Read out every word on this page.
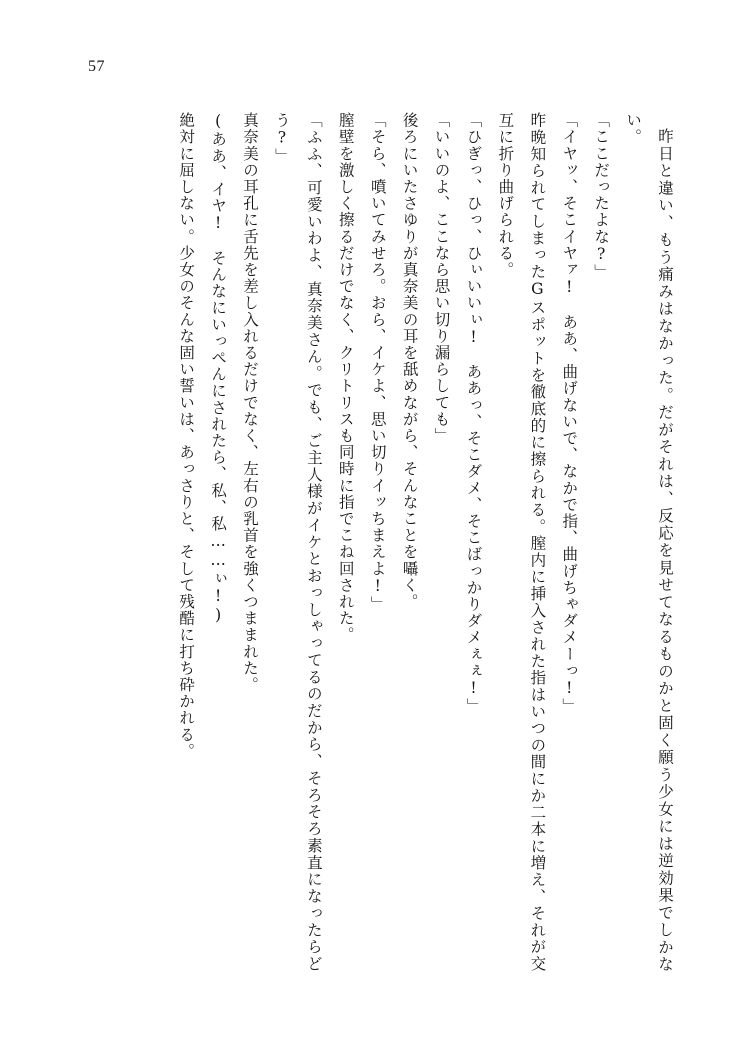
57

昨日と違い、もう痛みはなかった。だがそれは、反応を見せてなるものかと固く願う少女には逆効果でしかない。

「ここだったよな?」

「イヤッ、そこイヤァ!　ああ、曲げないで、なかで指、曲げちゃダメーっ!」

昨晩知られてしまったGスポットを徹底的に擦られる。膣内に挿入された指はいつの間にか二本に増え、それが交互に折り曲げられる。

「ひぎっ、ひっ、ひぃいいぃ!　ああっ、そこダメ、そこばっかりダメぇぇ!」

「いいのよ、ここなら思い切り漏らしても」

後ろにいたさゆりが真奈美の耳を舐めながら、そんなことを囁く。

「そら、噴いてみせろ。おら、イケよ、思い切りイッちまえよ!」

膣壁を激しく擦るだけでなく、クリトリスも同時に指でこね回された。

「ふふ、可愛いわよ、真奈美さん。でも、ご主人様がイケとおっしゃってるのだから、そろそろ素直になったらどう?」

真奈美の耳孔に舌先を差し入れるだけでなく、左右の乳首を強くつままれた。

(ああ、イヤ!　そんなにいっぺんにされたら、私、私……ぃ!)

絶対に屈しない。少女のそんな固い誓いは、あっさりと、そして残酷に打ち砕かれる。
